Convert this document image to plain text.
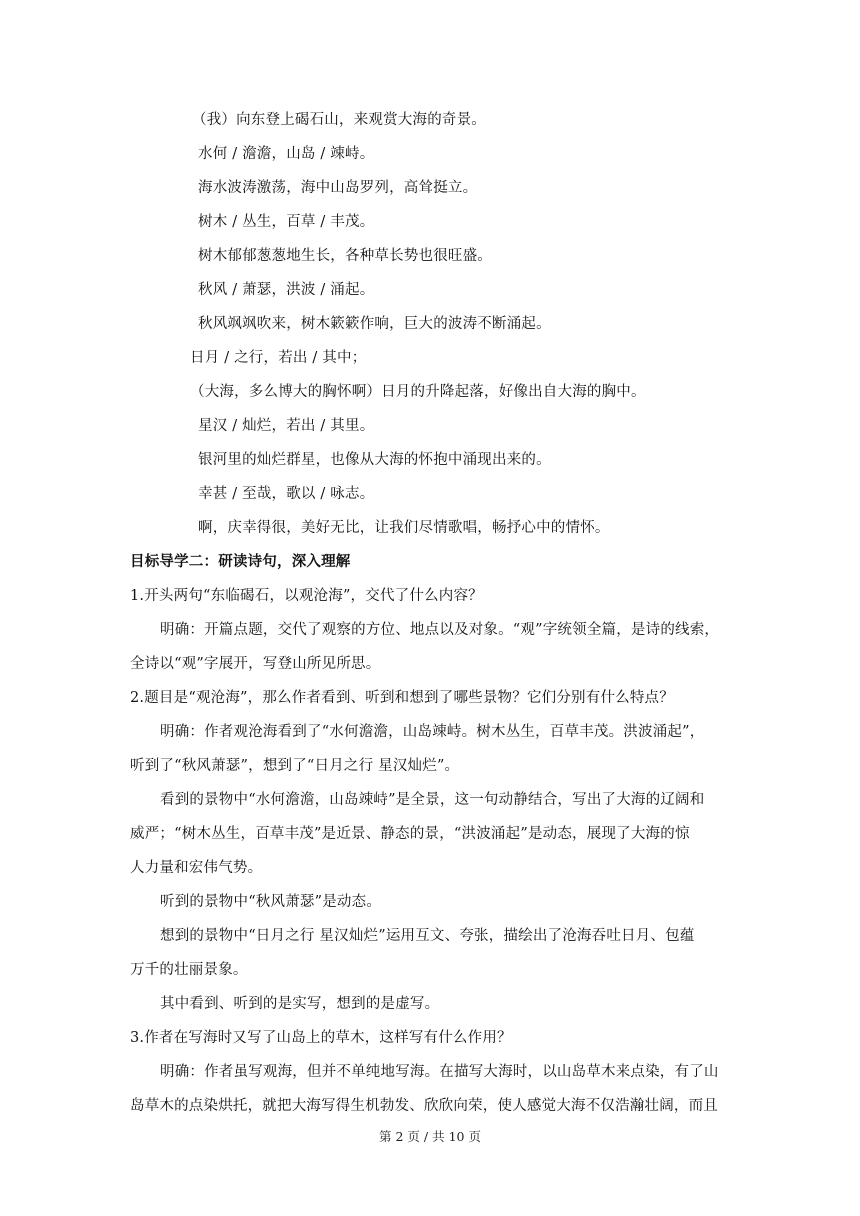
（我）向东登上碣石山，来观赏大海的奇景。
水何 / 澹澹，山岛 / 竦峙。
海水波涛激荡，海中山岛罗列，高耸挺立。
树木 / 丛生，百草 / 丰茂。
树木郁郁葱葱地生长，各种草长势也很旺盛。
秋风 / 萧瑟，洪波 / 涌起。
秋风飒飒吹来，树木簌簌作响，巨大的波涛不断涌起。
日月 / 之行，若出 / 其中；
（大海，多么博大的胸怀啊）日月的升降起落，好像出自大海的胸中。
星汉 / 灿烂，若出 / 其里。
银河里的灿烂群星，也像从大海的怀抱中涌现出来的。
幸甚 / 至哉，歌以 / 咏志。
啊，庆幸得很，美好无比，让我们尽情歌唱，畅抒心中的情怀。
目标导学二：研读诗句，深入理解
1.开头两句“东临碣石，以观沧海”，交代了什么内容？
明确：开篇点题，交代了观察的方位、地点以及对象。“观”字统领全篇，是诗的线索，
全诗以“观”字展开，写登山所见所思。
2.题目是“观沧海”，那么作者看到、听到和想到了哪些景物？它们分别有什么特点？
明确：作者观沧海看到了“水何澹澹，山岛竦峙。树木丛生，百草丰茂。洪波涌起”，
听到了“秋风萧瑟”，想到了“日月之行 星汉灿烂”。
看到的景物中“水何澹澹，山岛竦峙”是全景，这一句动静结合，写出了大海的辽阔和
威严；“树木丛生，百草丰茂”是近景、静态的景，“洪波涌起”是动态，展现了大海的惊
人力量和宏伟气势。
听到的景物中“秋风萧瑟”是动态。
想到的景物中“日月之行 星汉灿烂”运用互文、夸张，描绘出了沧海吞吐日月、包蕴
万千的壮丽景象。
其中看到、听到的是实写，想到的是虚写。
3.作者在写海时又写了山岛上的草木，这样写有什么作用？
明确：作者虽写观海，但并不单纯地写海。在描写大海时，以山岛草木来点染，有了山
岛草木的点染烘托，就把大海写得生机勃发、欣欣向荣，使人感觉大海不仅浩瀚壮阔，而且
第 2 页 / 共 10 页
